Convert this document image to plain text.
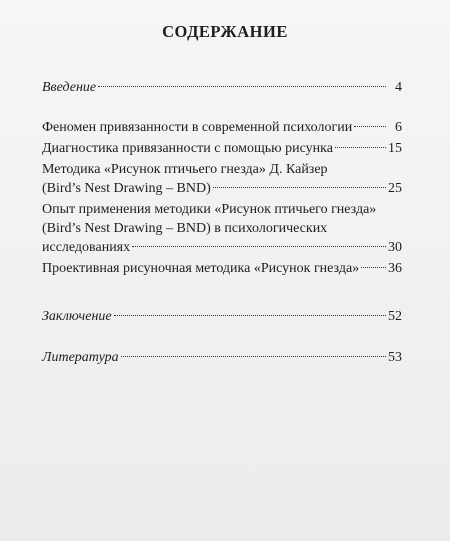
СОДЕРЖАНИЕ
Введение	4
Феномен привязанности в современной психологии	6
Диагностика привязанности с помощью рисунка	15
Методика «Рисунок птичьего гнезда» Д. Кайзер
(Bird’s Nest Drawing – BND)	25
Опыт применения методики «Рисунок птичьего гнезда»
(Bird’s Nest Drawing – BND) в психологических
исследованиях	30
Проективная рисуночная методика «Рисунок гнезда» 36
Заключение	52
Литература	53
